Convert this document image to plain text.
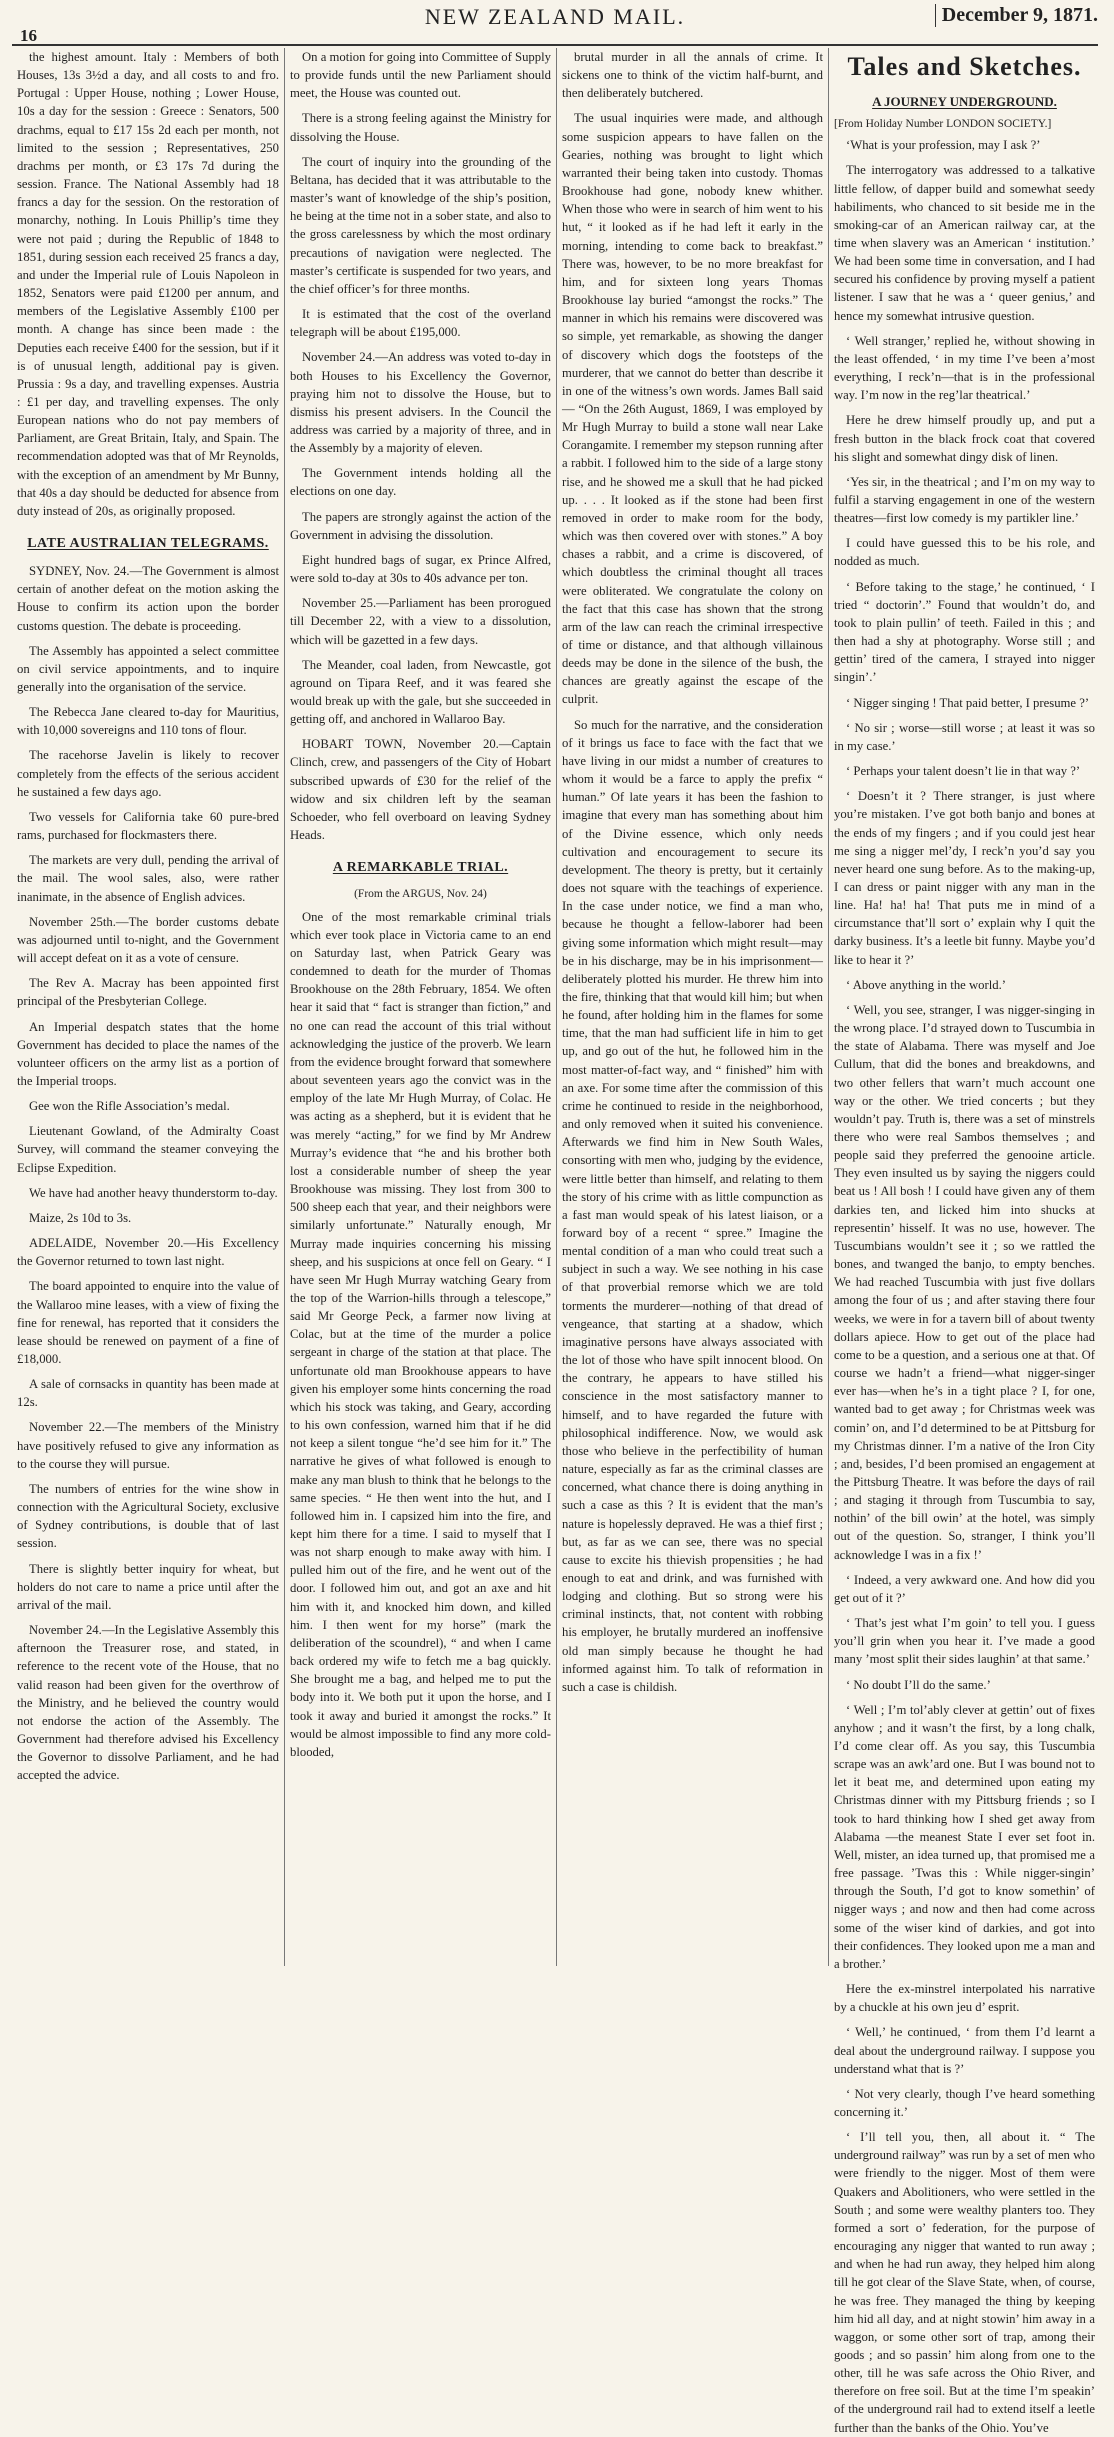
16
NEW ZEALAND MAIL.	December 9, 1871.

the highest amount. Italy : Members of both Houses, 13s 3½d a day, and all costs to and fro. Portugal : Upper House, nothing ; Lower House, 10s a day for the session : Greece : Senators, 500 drachms, equal to £17 15s 2d each per month, not limited to the session ; Representatives, 250 drachms per month, or £3 17s 7d during the session. France. The National Assembly had 18 francs a day for the session. On the restoration of monarchy, nothing. In Louis Phillip’s time they were not paid ; during the Republic of 1848 to 1851, during session each received 25 francs a day, and under the Imperial rule of Louis Napoleon in 1852, Senators were paid £1200 per annum, and members of the Legislative Assembly £100 per month. A change has since been made : the Deputies each receive £400 for the session, but if it is of unusual length, additional pay is given. Prussia : 9s a day, and travelling expenses. Austria : £1 per day, and travelling expenses. The only European nations who do not pay members of Parliament, are Great Britain, Italy, and Spain. The recommendation adopted was that of Mr Reynolds, with the exception of an amendment by Mr Bunny, that 40s a day should be deducted for absence from duty instead of 20s, as originally proposed.

LATE AUSTRALIAN TELEGRAMS.

SYDNEY, Nov. 24.—The Government is almost certain of another defeat on the motion asking the House to confirm its action upon the border customs question. The debate is proceeding.

The Assembly has appointed a select committee on civil service appointments, and to inquire generally into the organisation of the service.

The Rebecca Jane cleared to-day for Mauritius, with 10,000 sovereigns and 110 tons of flour.

The racehorse Javelin is likely to recover completely from the effects of the serious accident he sustained a few days ago.

Two vessels for California take 60 pure-bred rams, purchased for flockmasters there.

The markets are very dull, pending the arrival of the mail. The wool sales, also, were rather inanimate, in the absence of English advices.

November 25th.—The border customs debate was adjourned until to-night, and the Government will accept defeat on it as a vote of censure.

The Rev A. Macray has been appointed first principal of the Presbyterian College.

An Imperial despatch states that the home Government has decided to place the names of the volunteer officers on the army list as a portion of the Imperial troops.

Gee won the Rifle Association’s medal.

Lieutenant Gowland, of the Admiralty Coast Survey, will command the steamer conveying the Eclipse Expedition.

We have had another heavy thunderstorm to-day.

Maize, 2s 10d to 3s.

ADELAIDE, November 20.—His Excellency the Governor returned to town last night.

The board appointed to enquire into the value of the Wallaroo mine leases, with a view of fixing the fine for renewal, has reported that it considers the lease should be renewed on payment of a fine of £18,000.

A sale of cornsacks in quantity has been made at 12s.

November 22.—The members of the Ministry have positively refused to give any information as to the course they will pursue.

The numbers of entries for the wine show in connection with the Agricultural Society, exclusive of Sydney contributions, is double that of last session.

There is slightly better inquiry for wheat, but holders do not care to name a price until after the arrival of the mail.

November 24.—In the Legislative Assembly this afternoon the Treasurer rose, and stated, in reference to the recent vote of the House, that no valid reason had been given for the overthrow of the Ministry, and he believed the country would not endorse the action of the Assembly. The Government had therefore advised his Excellency the Governor to dissolve Parliament, and he had accepted the advice.

On a motion for going into Committee of Supply to provide funds until the new Parliament should meet, the House was counted out.

There is a strong feeling against the Ministry for dissolving the House.

The court of inquiry into the grounding of the Beltana, has decided that it was attributable to the master’s want of knowledge of the ship’s position, he being at the time not in a sober state, and also to the gross carelessness by which the most ordinary precautions of navigation were neglected. The master’s certificate is suspended for two years, and the chief officer’s for three months.

It is estimated that the cost of the overland telegraph will be about £195,000.

November 24.—An address was voted to-day in both Houses to his Excellency the Governor, praying him not to dissolve the House, but to dismiss his present advisers. In the Council the address was carried by a majority of three, and in the Assembly by a majority of eleven.

The Government intends holding all the elections on one day.

The papers are strongly against the action of the Government in advising the dissolution.

Eight hundred bags of sugar, ex Prince Alfred, were sold to-day at 30s to 40s advance per ton.

November 25.—Parliament has been prorogued till December 22, with a view to a dissolution, which will be gazetted in a few days.

The Meander, coal laden, from Newcastle, got aground on Tipara Reef, and it was feared she would break up with the gale, but she succeeded in getting off, and anchored in Wallaroo Bay.

HOBART TOWN, November 20.—Captain Clinch, crew, and passengers of the City of Hobart subscribed upwards of £30 for the relief of the widow and six children left by the seaman Schoeder, who fell overboard on leaving Sydney Heads.

A REMARKABLE TRIAL.
(From the ARGUS, Nov. 24)

One of the most remarkable criminal trials which ever took place in Victoria came to an end on Saturday last, when Patrick Geary was condemned to death for the murder of Thomas Brookhouse on the 28th February, 1854. We often hear it said that “ fact is stranger than fiction,” and no one can read the account of this trial without acknowledging the justice of the proverb. We learn from the evidence brought forward that somewhere about seventeen years ago the convict was in the employ of the late Mr Hugh Murray, of Colac. He was acting as a shepherd, but it is evident that he was merely “acting,” for we find by Mr Andrew Murray’s evidence that “he and his brother both lost a considerable number of sheep the year Brookhouse was missing. They lost from 300 to 500 sheep each that year, and their neighbors were similarly unfortunate.” Naturally enough, Mr Murray made inquiries concerning his missing sheep, and his suspicions at once fell on Geary. “ I have seen Mr Hugh Murray watching Geary from the top of the Warrion-hills through a telescope,” said Mr George Peck, a farmer now living at Colac, but at the time of the murder a police sergeant in charge of the station at that place. The unfortunate old man Brookhouse appears to have given his employer some hints concerning the road which his stock was taking, and Geary, according to his own confession, warned him that if he did not keep a silent tongue “he’d see him for it.” The narrative he gives of what followed is enough to make any man blush to think that he belongs to the same species. “ He then went into the hut, and I followed him in. I capsized him into the fire, and kept him there for a time. I said to myself that I was not sharp enough to make away with him. I pulled him out of the fire, and he went out of the door. I followed him out, and got an axe and hit him with it, and knocked him down, and killed him. I then went for my horse” (mark the deliberation of the scoundrel), “ and when I came back ordered my wife to fetch me a bag quickly. She brought me a bag, and helped me to put the body into it. We both put it upon the horse, and I took it away and buried it amongst the rocks.” It would be almost impossible to find any more cold-blooded,

brutal murder in all the annals of crime. It sickens one to think of the victim half-burnt, and then deliberately butchered.

The usual inquiries were made, and although some suspicion appears to have fallen on the Gearies, nothing was brought to light which warranted their being taken into custody. Thomas Brookhouse had gone, nobody knew whither. When those who were in search of him went to his hut, “ it looked as if he had left it early in the morning, intending to come back to breakfast.” There was, however, to be no more breakfast for him, and for sixteen long years Thomas Brookhouse lay buried “amongst the rocks.” The manner in which his remains were discovered was so simple, yet remarkable, as showing the danger of discovery which dogs the footsteps of the murderer, that we cannot do better than describe it in one of the witness’s own words. James Ball said— “On the 26th August, 1869, I was employed by Mr Hugh Murray to build a stone wall near Lake Corangamite. I remember my stepson running after a rabbit. I followed him to the side of a large stony rise, and he showed me a skull that he had picked up. . . . It looked as if the stone had been first removed in order to make room for the body, which was then covered over with stones.” A boy chases a rabbit, and a crime is discovered, of which doubtless the criminal thought all traces were obliterated. We congratulate the colony on the fact that this case has shown that the strong arm of the law can reach the criminal irrespective of time or distance, and that although villainous deeds may be done in the silence of the bush, the chances are greatly against the escape of the culprit.

So much for the narrative, and the consideration of it brings us face to face with the fact that we have living in our midst a number of creatures to whom it would be a farce to apply the prefix “ human.” Of late years it has been the fashion to imagine that every man has something about him of the Divine essence, which only needs cultivation and encouragement to secure its development. The theory is pretty, but it certainly does not square with the teachings of experience. In the case under notice, we find a man who, because he thought a fellow-laborer had been giving some information which might result—may be in his discharge, may be in his imprisonment—deliberately plotted his murder. He threw him into the fire, thinking that that would kill him; but when he found, after holding him in the flames for some time, that the man had sufficient life in him to get up, and go out of the hut, he followed him in the most matter-of-fact way, and “ finished” him with an axe. For some time after the commission of this crime he continued to reside in the neighborhood, and only removed when it suited his convenience. Afterwards we find him in New South Wales, consorting with men who, judging by the evidence, were little better than himself, and relating to them the story of his crime with as little compunction as a fast man would speak of his latest liaison, or a forward boy of a recent “ spree.” Imagine the mental condition of a man who could treat such a subject in such a way. We see nothing in his case of that proverbial remorse which we are told torments the murderer—nothing of that dread of vengeance, that starting at a shadow, which imaginative persons have always associated with the lot of those who have spilt innocent blood. On the contrary, he appears to have stilled his conscience in the most satisfactory manner to himself, and to have regarded the future with philosophical indifference. Now, we would ask those who believe in the perfectibility of human nature, especially as far as the criminal classes are concerned, what chance there is doing anything in such a case as this ? It is evident that the man’s nature is hopelessly depraved. He was a thief first ; but, as far as we can see, there was no special cause to excite his thievish propensities ; he had enough to eat and drink, and was furnished with lodging and clothing. But so strong were his criminal instincts, that, not content with robbing his employer, he brutally murdered an inoffensive old man simply because he thought he had informed against him. To talk of reformation in such a case is childish.

Tales and Sketches.
A JOURNEY UNDERGROUND.
[From Holiday Number LONDON SOCIETY.]

‘What is your profession, may I ask ?’

The interrogatory was addressed to a talkative little fellow, of dapper build and somewhat seedy habiliments, who chanced to sit beside me in the smoking-car of an American railway car, at the time when slavery was an American ‘ institution.’ We had been some time in conversation, and I had secured his confidence by proving myself a patient listener. I saw that he was a ‘ queer genius,’ and hence my somewhat intrusive question.

‘ Well stranger,’ replied he, without showing in the least offended, ‘ in my time I’ve been a’most everything, I reck’n—that is in the professional way. I’m now in the reg’lar theatrical.’

Here he drew himself proudly up, and put a fresh button in the black frock coat that covered his slight and somewhat dingy disk of linen.

‘Yes sir, in the theatrical ; and I’m on my way to fulfil a starving engagement in one of the western theatres—first low comedy is my partikler line.’

I could have guessed this to be his role, and nodded as much.

‘ Before taking to the stage,’ he continued, ‘ I tried “ doctorin’.” Found that wouldn’t do, and took to plain pullin’ of teeth. Failed in this ; and then had a shy at photography. Worse still ; and gettin’ tired of the camera, I strayed into nigger singin’.’

‘ Nigger singing ! That paid better, I presume ?’

‘ No sir ; worse—still worse ; at least it was so in my case.’

‘ Perhaps your talent doesn’t lie in that way ?’

‘ Doesn’t it ? There stranger, is just where you’re mistaken. I’ve got both banjo and bones at the ends of my fingers ; and if you could jest hear me sing a nigger mel’dy, I reck’n you’d say you never heard one sung before. As to the making-up, I can dress or paint nigger with any man in the line. Ha! ha! ha! That puts me in mind of a circumstance that’ll sort o’ explain why I quit the darky business. It’s a leetle bit funny. Maybe you’d like to hear it ?’

‘ Above anything in the world.’

‘ Well, you see, stranger, I was nigger-singing in the wrong place. I’d strayed down to Tuscumbia in the state of Alabama. There was myself and Joe Cullum, that did the bones and breakdowns, and two other fellers that warn’t much account one way or the other. We tried concerts ; but they wouldn’t pay. Truth is, there was a set of minstrels there who were real Sambos themselves ; and people said they preferred the genooine article. They even insulted us by saying the niggers could beat us ! All bosh ! I could have given any of them darkies ten, and licked him into shucks at representin’ hisself. It was no use, however. The Tuscumbians wouldn’t see it ; so we rattled the bones, and twanged the banjo, to empty benches. We had reached Tuscumbia with just five dollars among the four of us ; and after staving there four weeks, we were in for a tavern bill of about twenty dollars apiece. How to get out of the place had come to be a question, and a serious one at that. Of course we hadn’t a friend—what nigger-singer ever has—when he’s in a tight place ? I, for one, wanted bad to get away ; for Christmas week was comin’ on, and I’d determined to be at Pittsburg for my Christmas dinner. I’m a native of the Iron City ; and, besides, I’d been promised an engagement at the Pittsburg Theatre. It was before the days of rail ; and staging it through from Tuscumbia to say, nothin’ of the bill owin’ at the hotel, was simply out of the question. So, stranger, I think you’ll acknowledge I was in a fix !’

‘ Indeed, a very awkward one. And how did you get out of it ?’

‘ That’s jest what I’m goin’ to tell you. I guess you’ll grin when you hear it. I’ve made a good many ’most split their sides laughin’ at that same.’

‘ No doubt I’ll do the same.’

‘ Well ; I’m tol’ably clever at gettin’ out of fixes anyhow ; and it wasn’t the first, by a long chalk, I’d come clear off. As you say, this Tuscumbia scrape was an awk’ard one. But I was bound not to let it beat me, and determined upon eating my Christmas dinner with my Pittsburg friends ; so I took to hard thinking how I shed get away from Alabama —the meanest State I ever set foot in. Well, mister, an idea turned up, that promised me a free passage. ’Twas this : While nigger-singin’ through the South, I’d got to know somethin’ of nigger ways ; and now and then had come across some of the wiser kind of darkies, and got into their confidences. They looked upon me a man and a brother.’

Here the ex-minstrel interpolated his narrative by a chuckle at his own jeu d’ esprit.

‘ Well,’ he continued, ‘ from them I’d learnt a deal about the underground railway. I suppose you understand what that is ?’

‘ Not very clearly, though I’ve heard something concerning it.’

‘ I’ll tell you, then, all about it. “ The underground railway” was run by a set of men who were friendly to the nigger. Most of them were Quakers and Abolitioners, who were settled in the South ; and some were wealthy planters too. They formed a sort o’ federation, for the purpose of encouraging any nigger that wanted to run away ; and when he had run away, they helped him along till he got clear of the Slave State, when, of course, he was free. They managed the thing by keeping him hid all day, and at night stowin’ him away in a waggon, or some other sort of trap, among their goods ; and so passin’ him along from one to the other, till he was safe across the Ohio River, and therefore on free soil. But at the time I’m speakin’ of the underground rail had to extend itself a leetle further than the banks of the Ohio. You’ve
